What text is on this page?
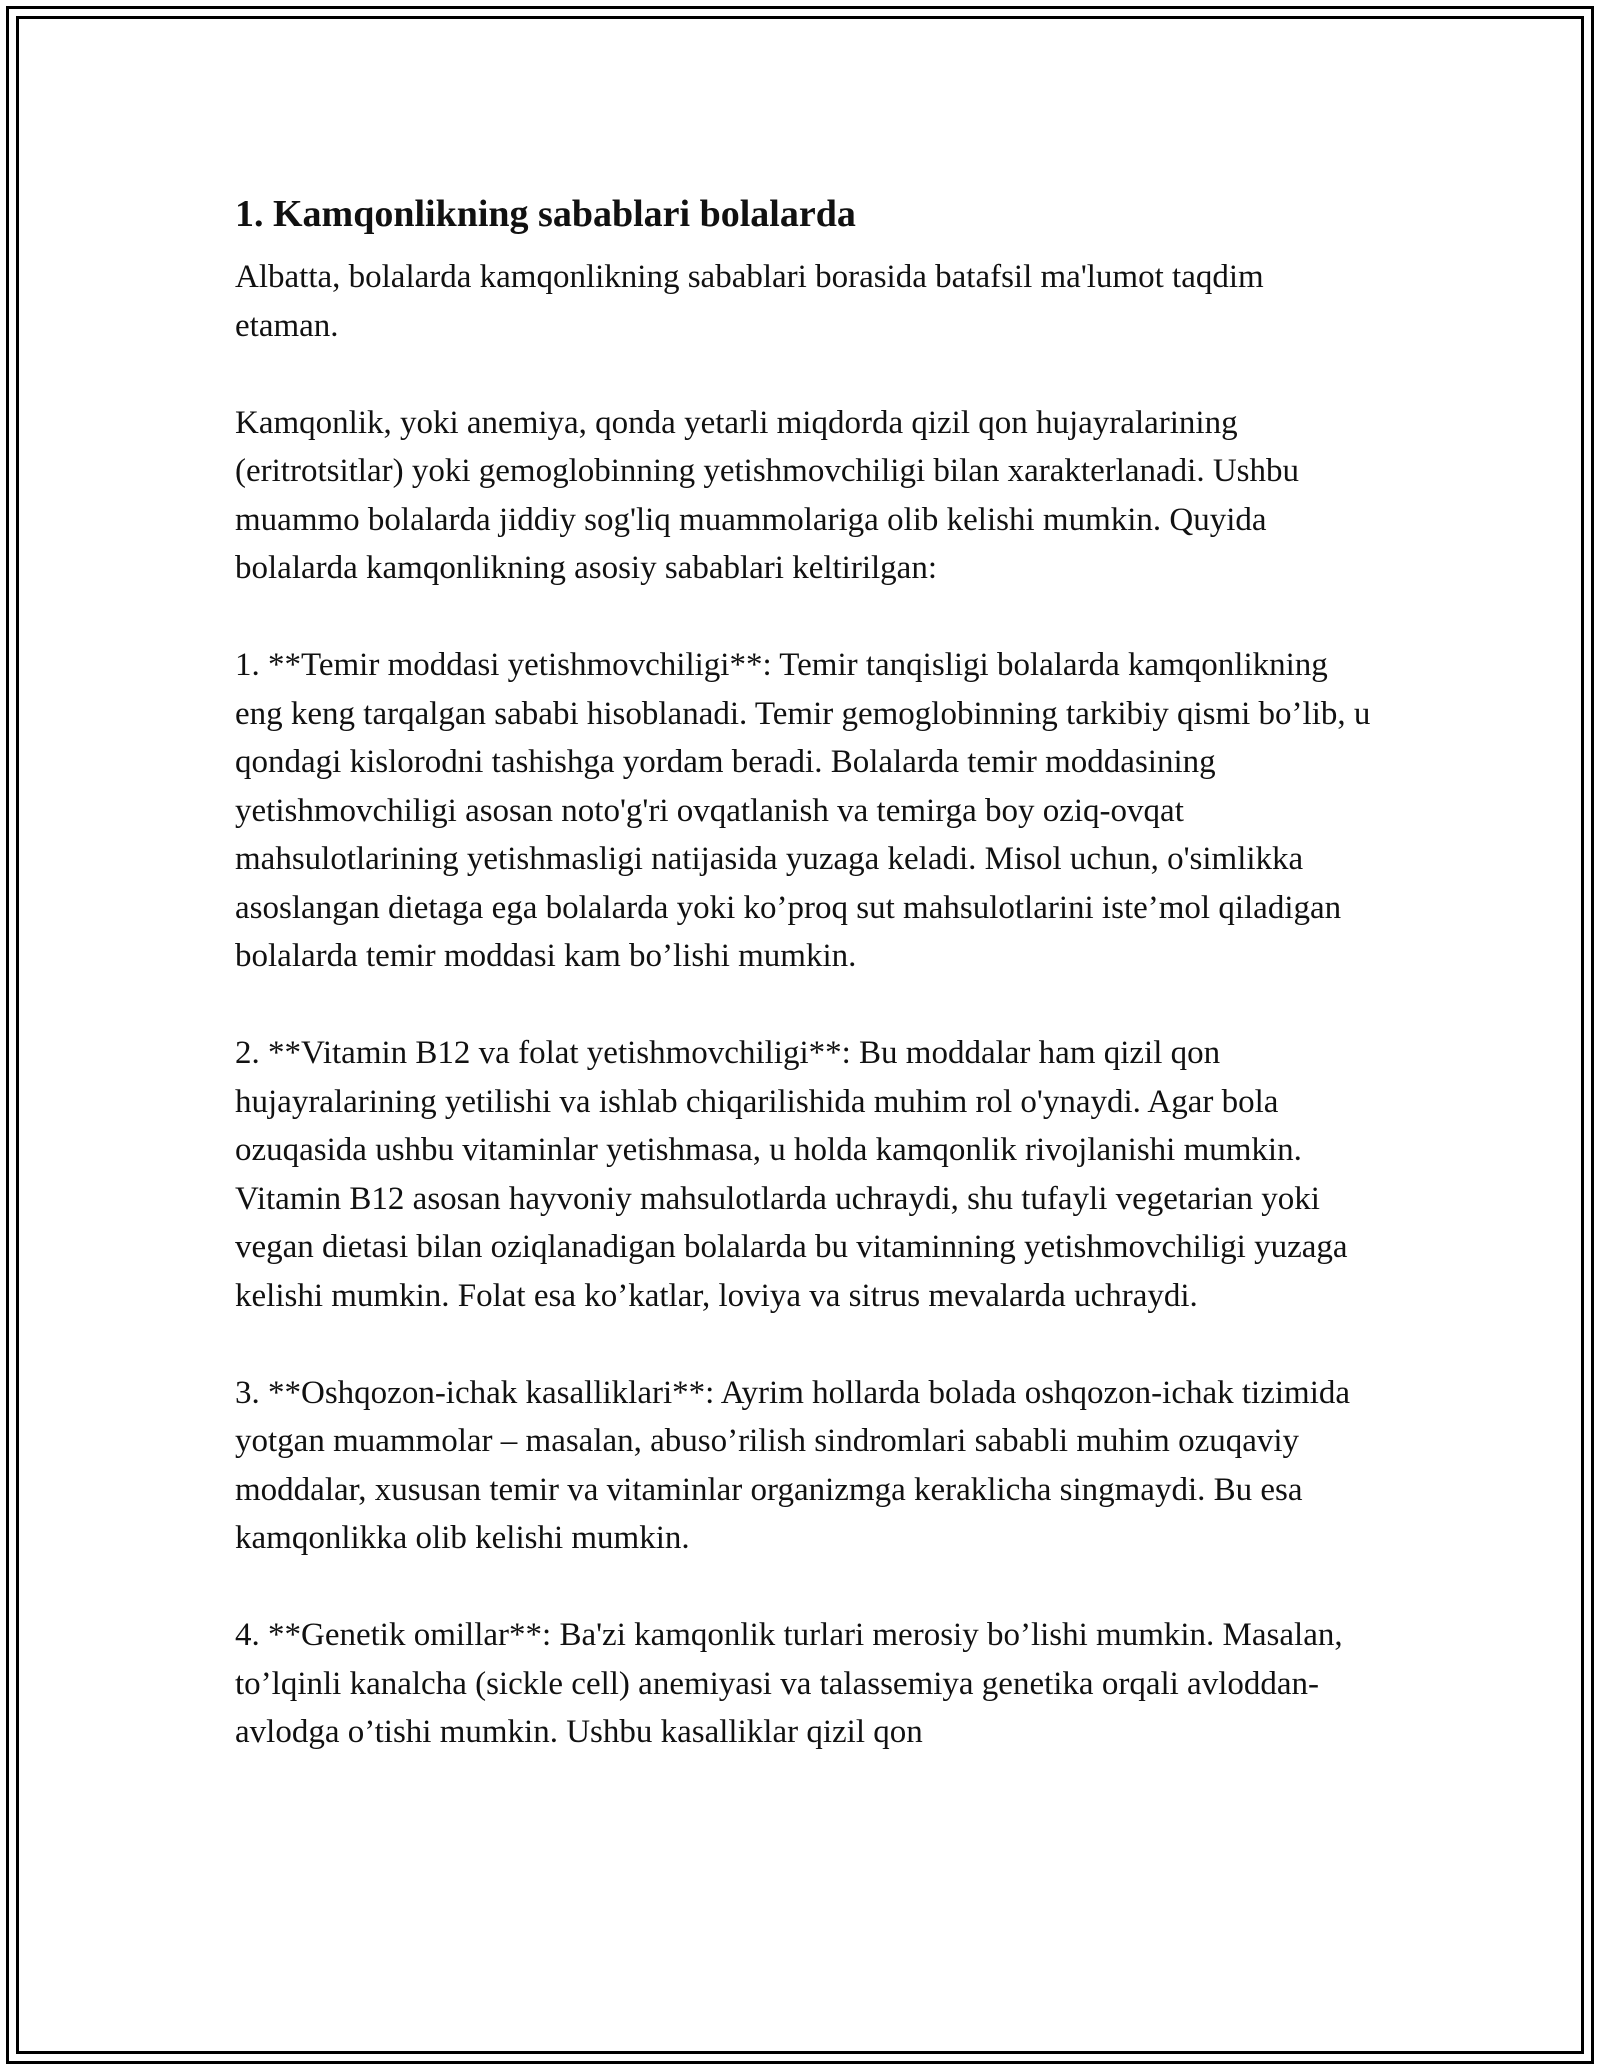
1. Kamqonlikning sabablari bolalarda

Albatta, bolalarda kamqonlikning sabablari borasida batafsil ma'lumot taqdim etaman.

Kamqonlik, yoki anemiya, qonda yetarli miqdorda qizil qon hujayralarining (eritrotsitlar) yoki gemoglobinning yetishmovchiligi bilan xarakterlanadi. Ushbu muammo bolalarda jiddiy sog'liq muammolariga olib kelishi mumkin. Quyida bolalarda kamqonlikning asosiy sabablari keltirilgan:

1. **Temir moddasi yetishmovchiligi**: Temir tanqisligi bolalarda kamqonlikning eng keng tarqalgan sababi hisoblanadi. Temir gemoglobinning tarkibiy qismi bo’lib, u qondagi kislorodni tashishga yordam beradi. Bolalarda temir moddasining yetishmovchiligi asosan noto'g'ri ovqatlanish va temirga boy oziq-ovqat mahsulotlarining yetishmasligi natijasida yuzaga keladi. Misol uchun, o'simlikka asoslangan dietaga ega bolalarda yoki ko’proq sut mahsulotlarini iste’mol qiladigan bolalarda temir moddasi kam bo’lishi mumkin.

2. **Vitamin B12 va folat yetishmovchiligi**: Bu moddalar ham qizil qon hujayralarining yetilishi va ishlab chiqarilishida muhim rol o'ynaydi. Agar bola ozuqasida ushbu vitaminlar yetishmasa, u holda kamqonlik rivojlanishi mumkin. Vitamin B12 asosan hayvoniy mahsulotlarda uchraydi, shu tufayli vegetarian yoki vegan dietasi bilan oziqlanadigan bolalarda bu vitaminning yetishmovchiligi yuzaga kelishi mumkin. Folat esa ko’katlar, loviya va sitrus mevalarda uchraydi.

3. **Oshqozon-ichak kasalliklari**: Ayrim hollarda bolada oshqozon-ichak tizimida yotgan muammolar – masalan, abuso’rilish sindromlari sababli muhim ozuqaviy moddalar, xususan temir va vitaminlar organizmga keraklicha singmaydi. Bu esa kamqonlikka olib kelishi mumkin.

4. **Genetik omillar**: Ba'zi kamqonlik turlari merosiy bo’lishi mumkin. Masalan, to’lqinli kanalcha (sickle cell) anemiyasi va talassemiya genetika orqali avloddan-avlodga o’tishi mumkin. Ushbu kasalliklar qizil qon
